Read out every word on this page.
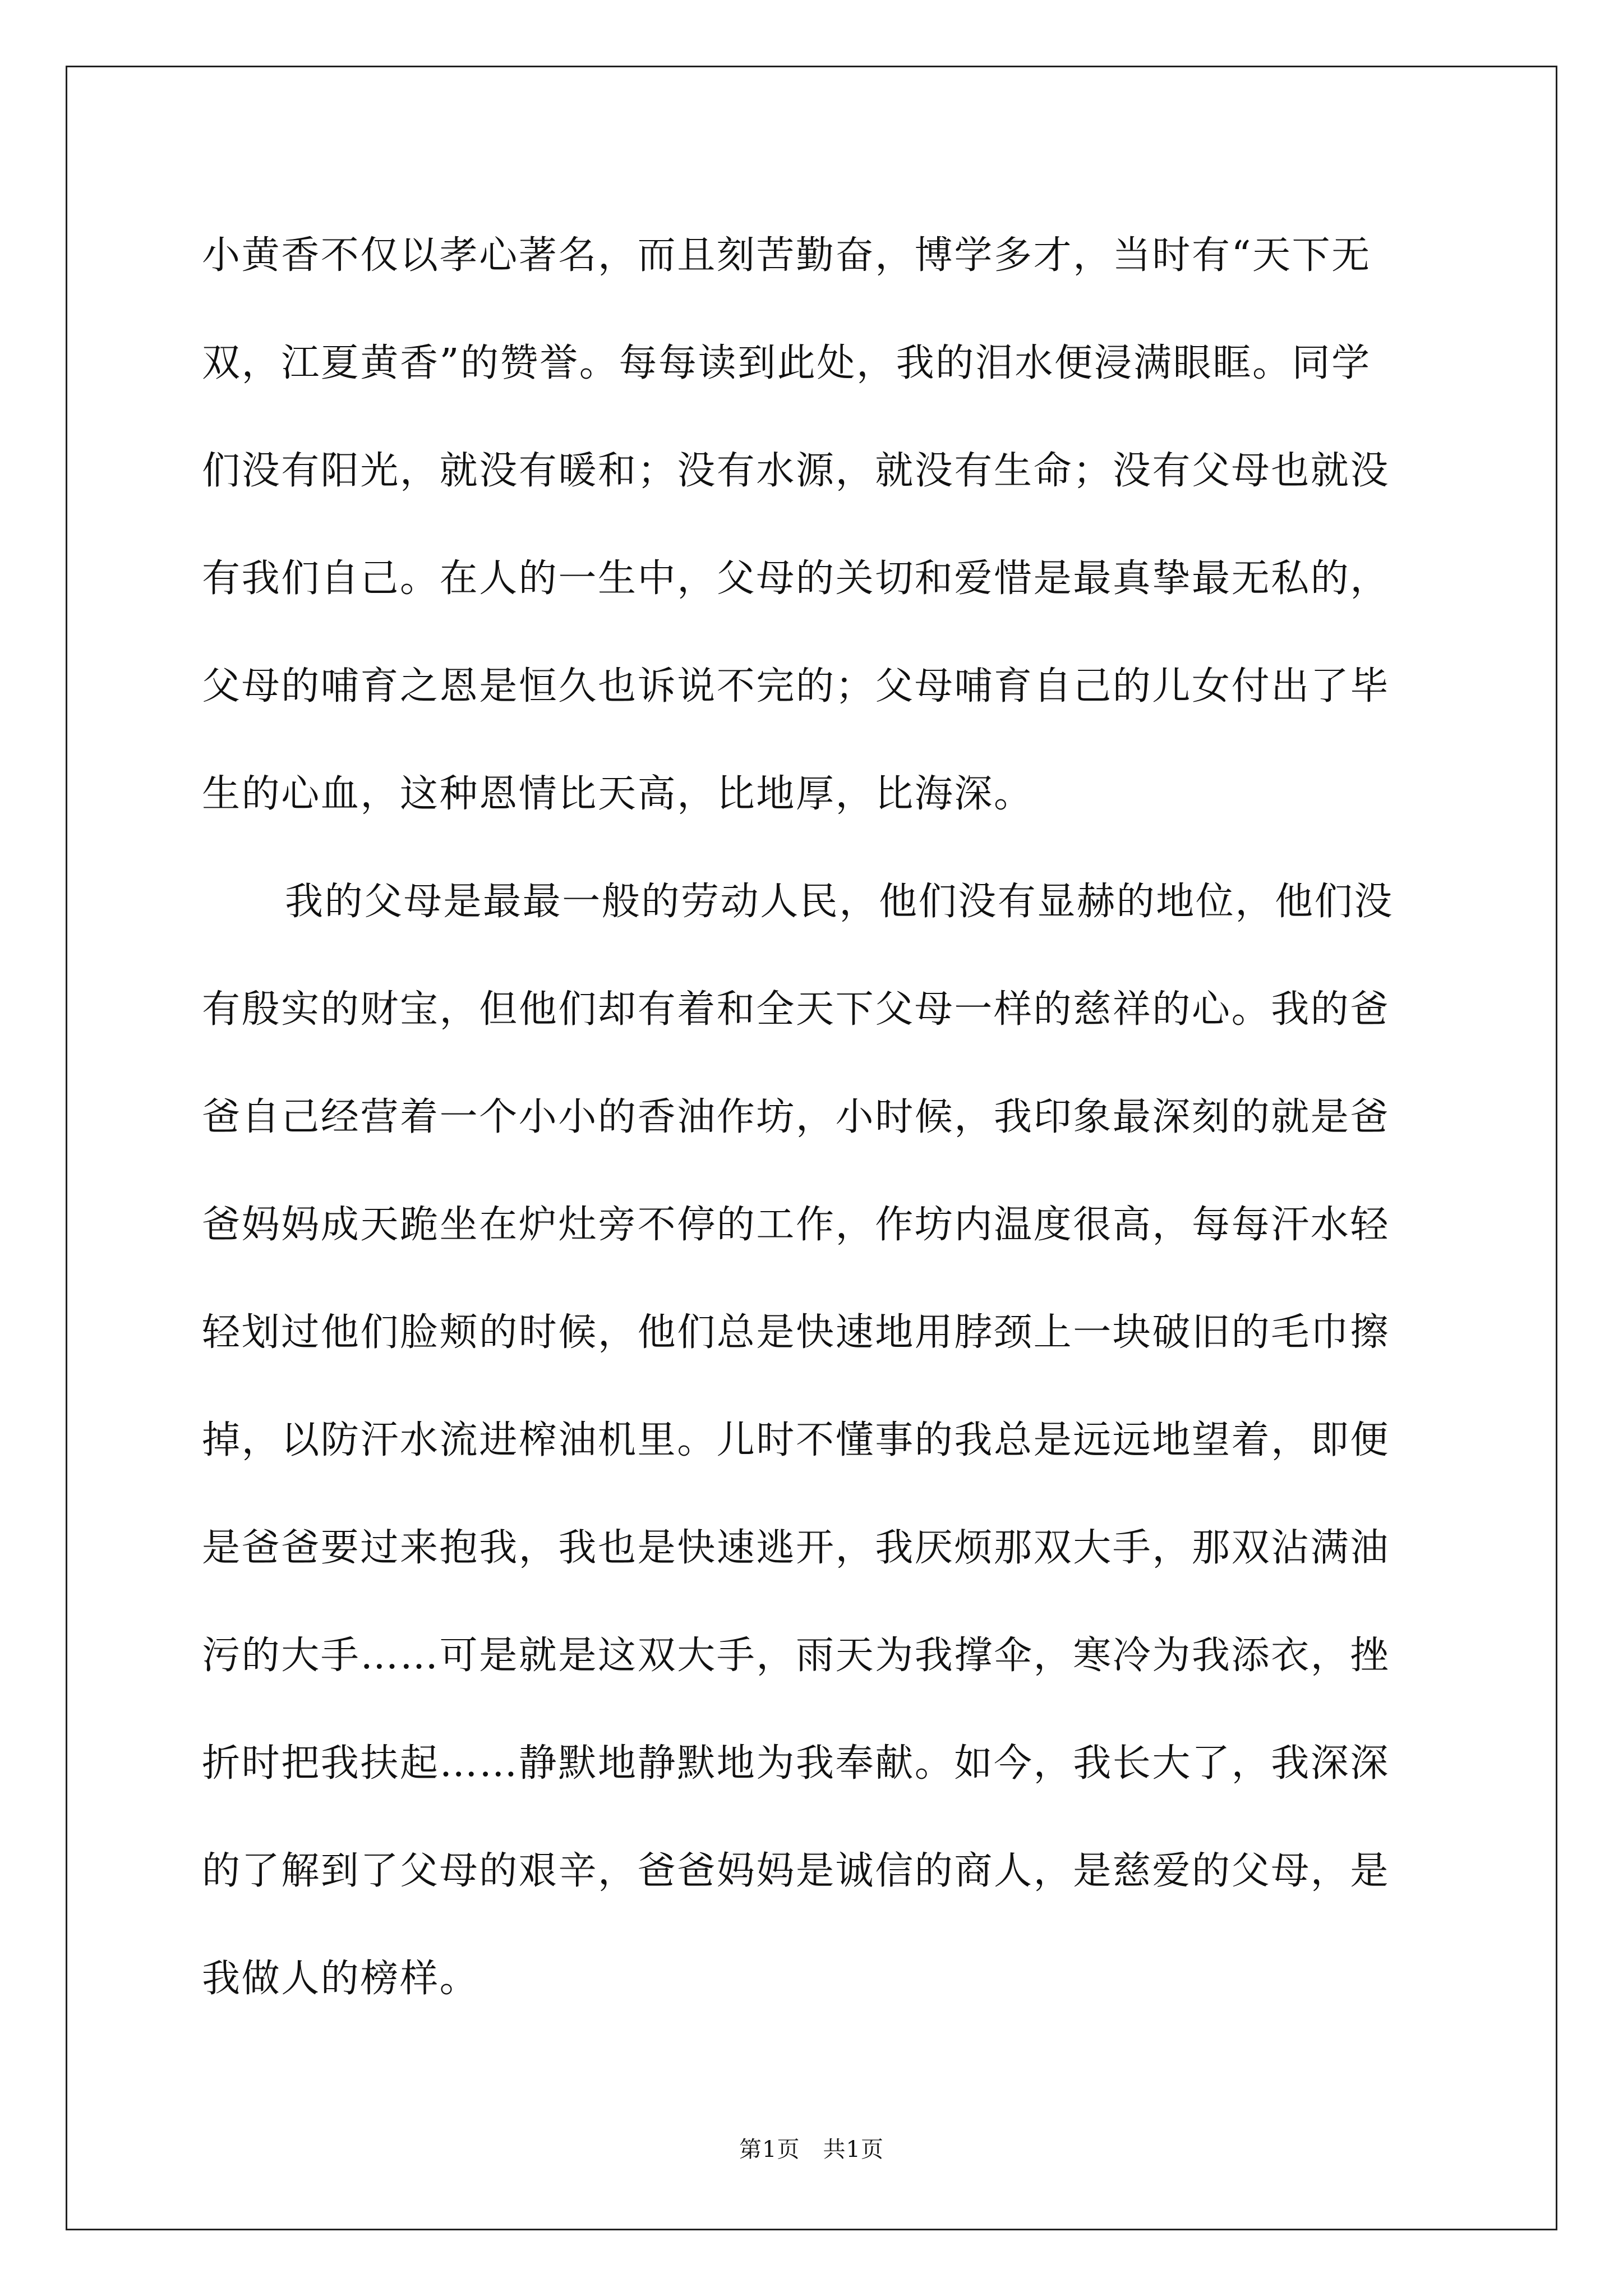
小黄香不仅以孝心著名，而且刻苦勤奋，博学多才，当时有“天下无
双，江夏黄香”的赞誉。每每读到此处，我的泪水便浸满眼眶。同学
们没有阳光，就没有暖和；没有水源，就没有生命；没有父母也就没
有我们自己。在人的一生中，父母的关切和爱惜是最真挚最无私的，
父母的哺育之恩是恒久也诉说不完的；父母哺育自己的儿女付出了毕
生的心血，这种恩情比天高，比地厚，比海深。
我的父母是最最一般的劳动人民，他们没有显赫的地位，他们没
有殷实的财宝，但他们却有着和全天下父母一样的慈祥的心。我的爸
爸自己经营着一个小小的香油作坊，小时候，我印象最深刻的就是爸
爸妈妈成天跪坐在炉灶旁不停的工作，作坊内温度很高，每每汗水轻
轻划过他们脸颊的时候，他们总是快速地用脖颈上一块破旧的毛巾擦
掉，以防汗水流进榨油机里。儿时不懂事的我总是远远地望着，即便
是爸爸要过来抱我，我也是快速逃开，我厌烦那双大手，那双沾满油
污的大手……可是就是这双大手，雨天为我撑伞，寒冷为我添衣，挫
折时把我扶起……静默地静默地为我奉献。如今，我长大了，我深深
的了解到了父母的艰辛，爸爸妈妈是诚信的商人，是慈爱的父母，是
我做人的榜样。
第1页　共1页
